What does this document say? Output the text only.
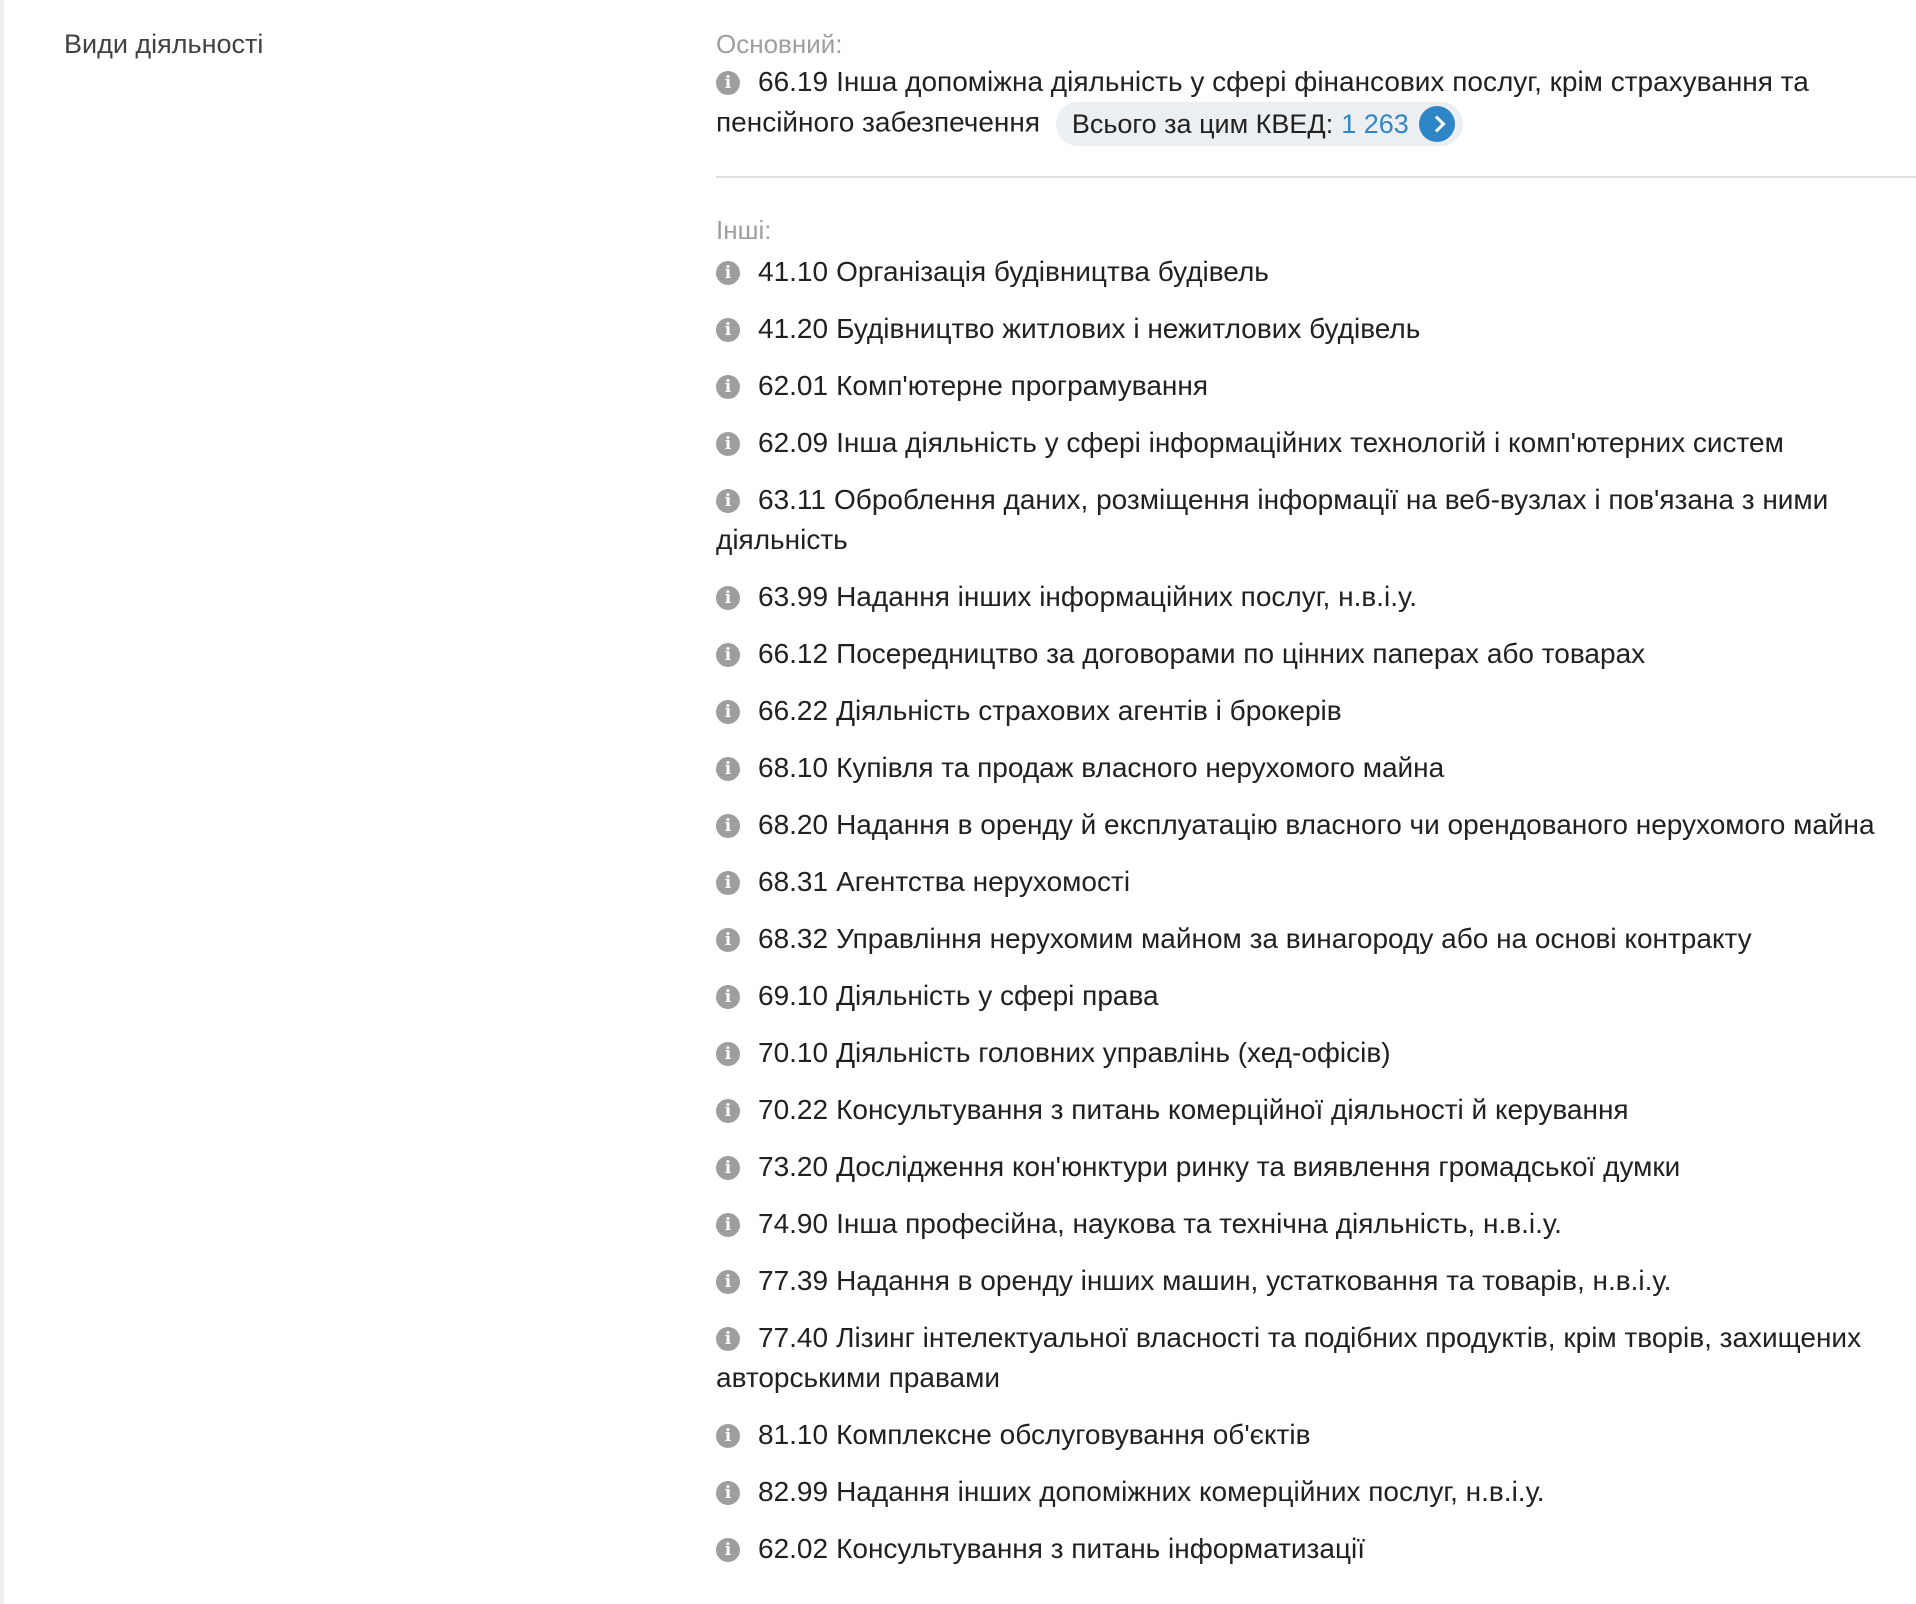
Види діяльності	Основний:
i 66.19 Інша допоміжна діяльність у сфері фінансових послуг, крім страхування та пенсійного забезпечення Всього за цим КВЕД: 1 263
Інші:
i 41.10 Організація будівництва будівель
i 41.20 Будівництво житлових і нежитлових будівель
i 62.01 Комп'ютерне програмування
i 62.09 Інша діяльність у сфері інформаційних технологій і комп'ютерних систем
i 63.11 Оброблення даних, розміщення інформації на веб-вузлах і пов'язана з ними діяльність
i 63.99 Надання інших інформаційних послуг, н.в.і.у.
i 66.12 Посередництво за договорами по цінних паперах або товарах
i 66.22 Діяльність страхових агентів і брокерів
i 68.10 Купівля та продаж власного нерухомого майна
i 68.20 Надання в оренду й експлуатацію власного чи орендованого нерухомого майна
i 68.31 Агентства нерухомості
i 68.32 Управління нерухомим майном за винагороду або на основі контракту
i 69.10 Діяльність у сфері права
i 70.10 Діяльність головних управлінь (хед-офісів)
i 70.22 Консультування з питань комерційної діяльності й керування
i 73.20 Дослідження кон'юнктури ринку та виявлення громадської думки
i 74.90 Інша професійна, наукова та технічна діяльність, н.в.і.у.
i 77.39 Надання в оренду інших машин, устатковання та товарів, н.в.і.у.
i 77.40 Лізинг інтелектуальної власності та подібних продуктів, крім творів, захищених авторськими правами
i 81.10 Комплексне обслуговування об'єктів
i 82.99 Надання інших допоміжних комерційних послуг, н.в.і.у.
i 62.02 Консультування з питань інформатизації
